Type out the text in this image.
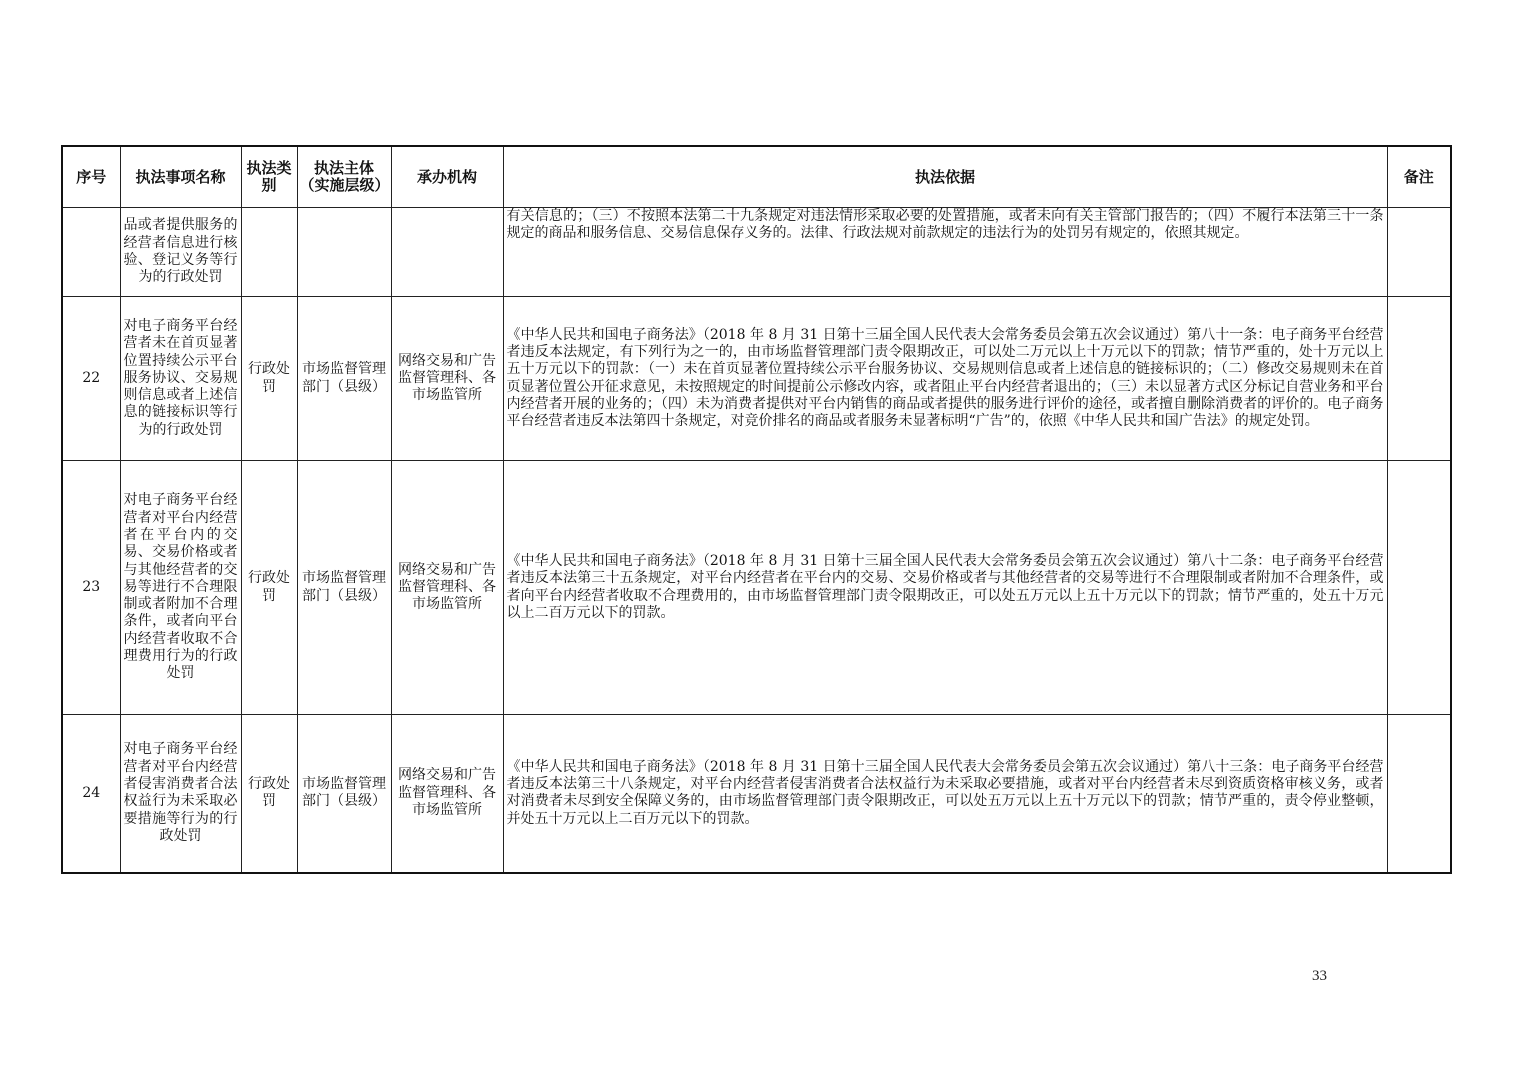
序号	执法事项名称	执法类别	执法主体（实施层级）	承办机构	执法依据	备注
	品或者提供服务的经营者信息进行核验、登记义务等行为的行政处罚				有关信息的；（三）不按照本法第二十九条规定对违法情形采取必要的处置措施，或者未向有关主管部门报告的；（四）不履行本法第三十一条规定的商品和服务信息、交易信息保存义务的。法律、行政法规对前款规定的违法行为的处罚另有规定的，依照其规定。	
22	对电子商务平台经营者未在首页显著位置持续公示平台服务协议、交易规则信息或者上述信息的链接标识等行为的行政处罚	行政处罚	市场监督管理部门（县级）	网络交易和广告监督管理科、各市场监管所	《中华人民共和国电子商务法》（2018 年 8 月 31 日第十三届全国人民代表大会常务委员会第五次会议通过）第八十一条：电子商务平台经营者违反本法规定，有下列行为之一的，由市场监督管理部门责令限期改正，可以处二万元以上十万元以下的罚款；情节严重的，处十万元以上五十万元以下的罚款：（一）未在首页显著位置持续公示平台服务协议、交易规则信息或者上述信息的链接标识的；（二）修改交易规则未在首页显著位置公开征求意见，未按照规定的时间提前公示修改内容，或者阻止平台内经营者退出的；（三）未以显著方式区分标记自营业务和平台内经营者开展的业务的；（四）未为消费者提供对平台内销售的商品或者提供的服务进行评价的途径，或者擅自删除消费者的评价的。电子商务平台经营者违反本法第四十条规定，对竞价排名的商品或者服务未显著标明“广告”的，依照《中华人民共和国广告法》的规定处罚。	
23	对电子商务平台经营者对平台内经营者在平台内的交易、交易价格或者与其他经营者的交易等进行不合理限制或者附加不合理条件，或者向平台内经营者收取不合理费用行为的行政处罚	行政处罚	市场监督管理部门（县级）	网络交易和广告监督管理科、各市场监管所	《中华人民共和国电子商务法》（2018 年 8 月 31 日第十三届全国人民代表大会常务委员会第五次会议通过）第八十二条：电子商务平台经营者违反本法第三十五条规定，对平台内经营者在平台内的交易、交易价格或者与其他经营者的交易等进行不合理限制或者附加不合理条件，或者向平台内经营者收取不合理费用的，由市场监督管理部门责令限期改正，可以处五万元以上五十万元以下的罚款；情节严重的，处五十万元以上二百万元以下的罚款。	
24	对电子商务平台经营者对平台内经营者侵害消费者合法权益行为未采取必要措施等行为的行政处罚	行政处罚	市场监督管理部门（县级）	网络交易和广告监督管理科、各市场监管所	《中华人民共和国电子商务法》（2018 年 8 月 31 日第十三届全国人民代表大会常务委员会第五次会议通过）第八十三条：电子商务平台经营者违反本法第三十八条规定，对平台内经营者侵害消费者合法权益行为未采取必要措施，或者对平台内经营者未尽到资质资格审核义务，或者对消费者未尽到安全保障义务的，由市场监督管理部门责令限期改正，可以处五万元以上五十万元以下的罚款；情节严重的，责令停业整顿，并处五十万元以上二百万元以下的罚款。	
33
